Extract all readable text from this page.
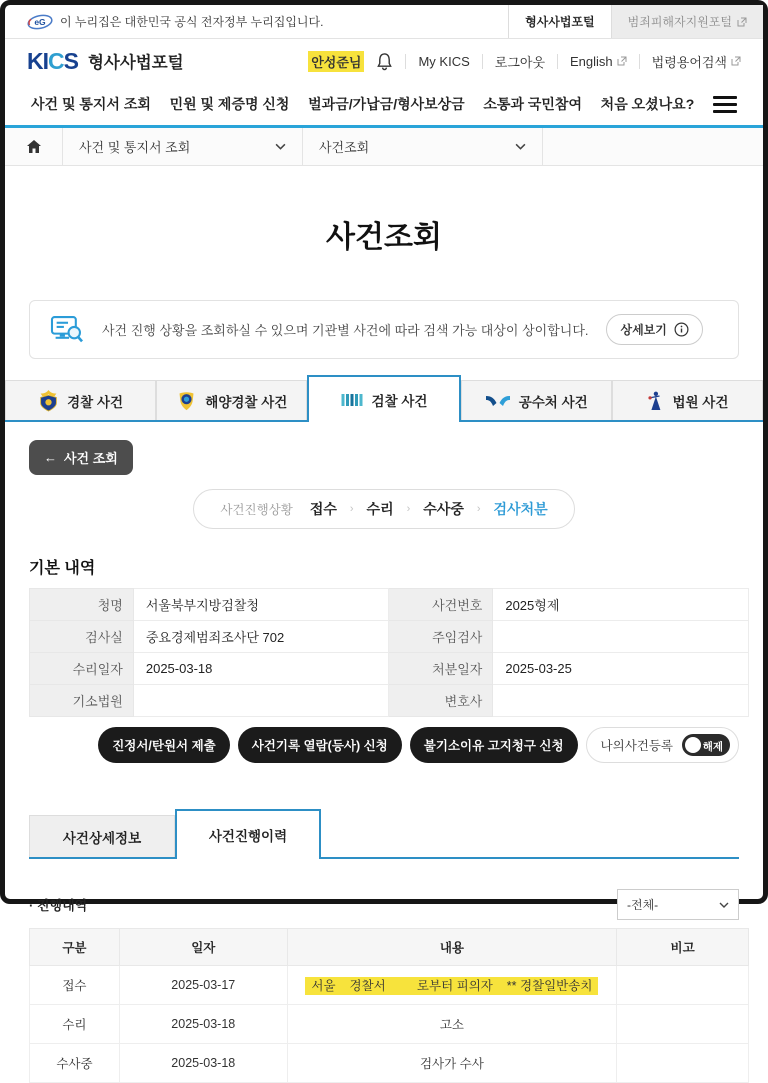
eG 이 누리집은 대한민국 공식 전자정부 누리집입니다.	형사사법포털	범죄피해자지원포털
KICS 형사사법포털	안성준님	My KICS 로그아웃 English	법령용어검색
사건 및 통지서 조회 민원 및 제증명 신청 벌과금/가납금/형사보상금 소통과 국민참여 처음 오셨나요?
사건 및 통지서 조회	사건조회
사건조회
사건 진행 상황을 조회하실 수 있으며 기관별 사건에 따라 검색 가능 대상이 상이합니다.	상세보기
경찰 사건	해양경찰 사건	검찰 사건	공수처 사건	법원 사건
← 사건 조회
사건진행상황 접수 › 수리 › 수사중 › 검사처분
기본 내역
청명	서울북부지방검찰청	사건번호	2025형제
검사실	중요경제범죄조사단 702	주임검사	
수리일자	2025-03-18	처분일자	2025-03-25
기소법원		변호사	
진정서/탄원서 제출	사건기록 열람(등사) 신청	불기소이유 고지청구 신청	나의사건등록	해제
사건상세정보	사건진행이력
· 진행내역	-전체-
구분	일자	내용	비고
접수	2025-03-17	서울    경찰서         로부터 피의자    ** 경찰일반송치	
수리	2025-03-18	고소	
수사중	2025-03-18	검사가 수사	
